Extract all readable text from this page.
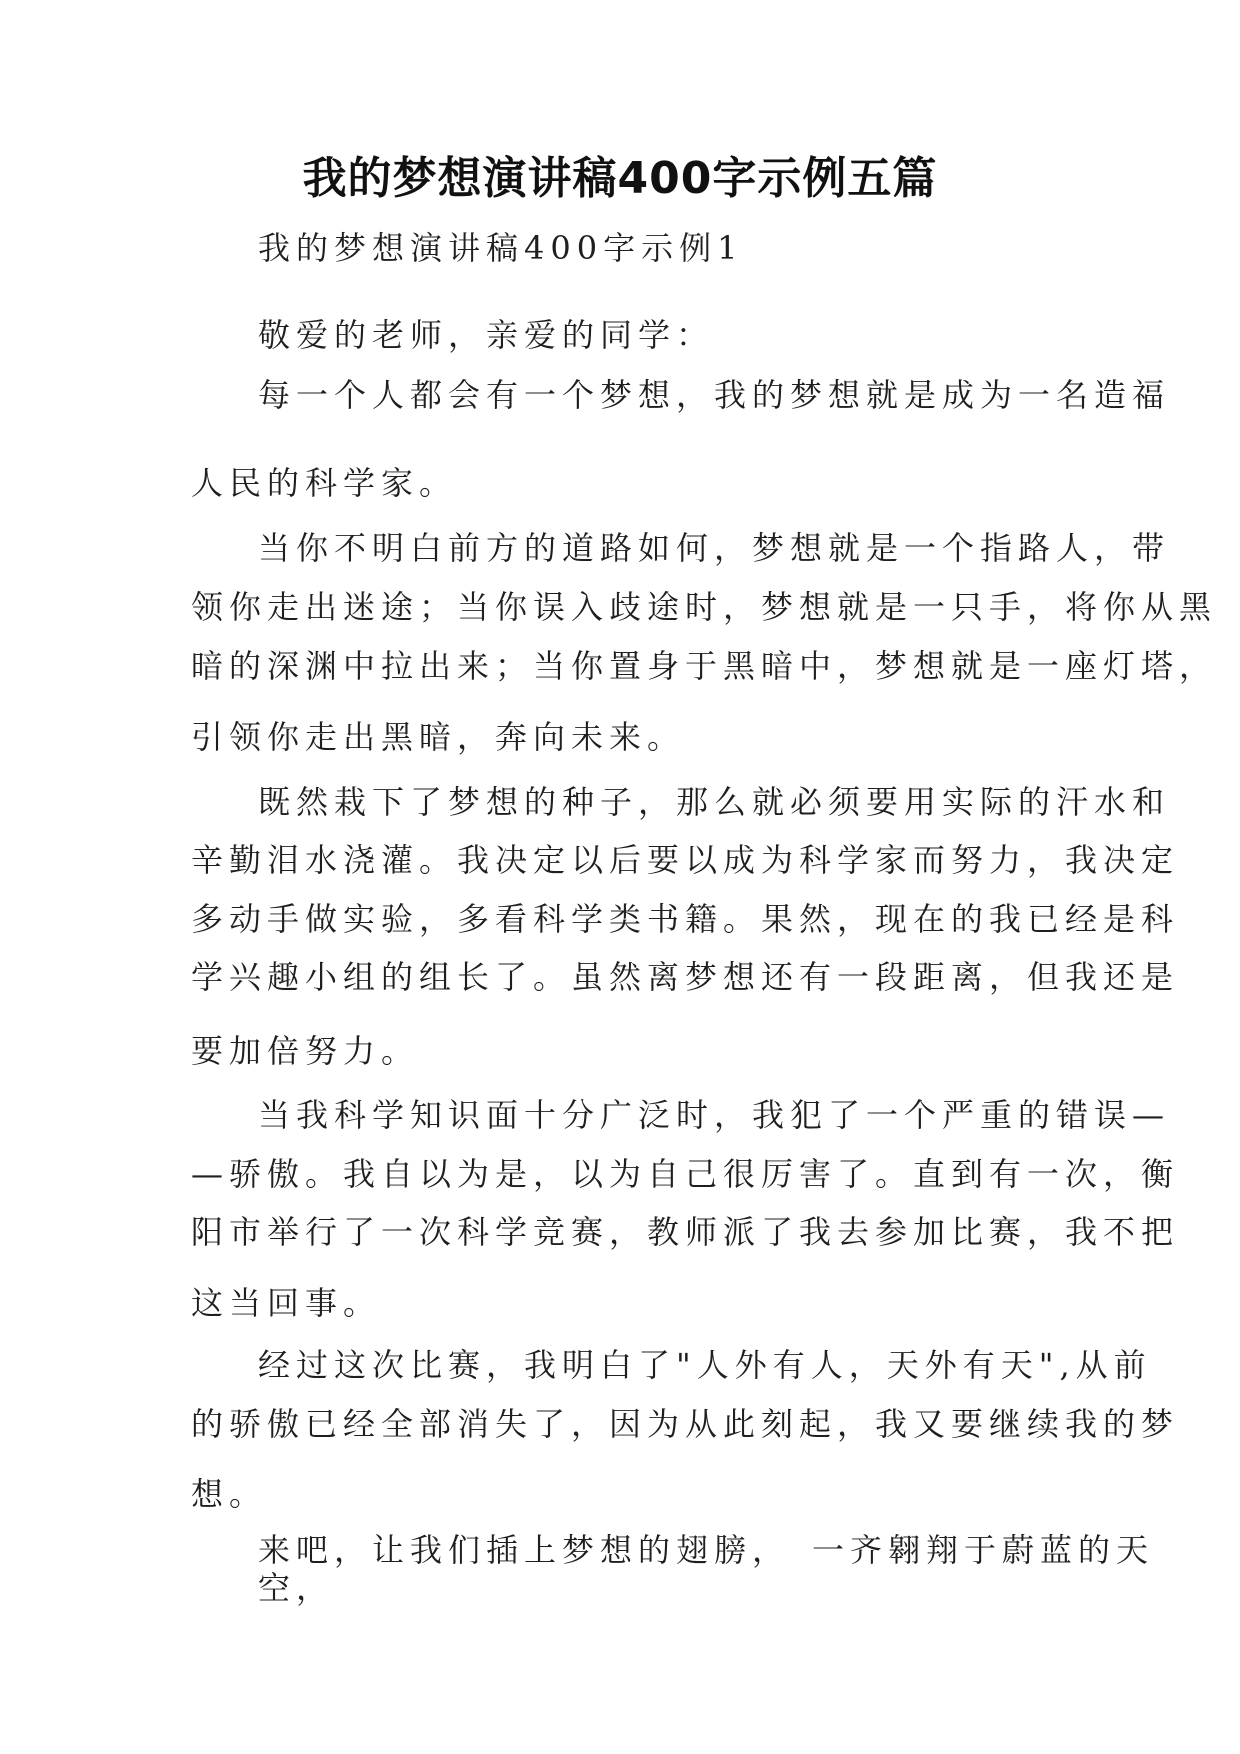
我的梦想演讲稿400字示例五篇
我的梦想演讲稿400字示例1
敬爱的老师，亲爱的同学：
每一个人都会有一个梦想，我的梦想就是成为一名造福
人民的科学家。
当你不明白前方的道路如何，梦想就是一个指路人，带
领你走出迷途；当你误入歧途时，梦想就是一只手，将你从黑
暗的深渊中拉出来；当你置身于黑暗中，梦想就是一座灯塔，
引领你走出黑暗，奔向未来。
既然栽下了梦想的种子，那么就必须要用实际的汗水和
辛勤泪水浇灌。我决定以后要以成为科学家而努力，我决定
多动手做实验，多看科学类书籍。果然，现在的我已经是科
学兴趣小组的组长了。虽然离梦想还有一段距离，但我还是
要加倍努力。
当我科学知识面十分广泛时，我犯了一个严重的错误—
—骄傲。我自以为是，以为自己很厉害了。直到有一次，衡
阳市举行了一次科学竞赛，教师派了我去参加比赛，我不把
这当回事。
经过这次比赛，我明白了"人外有人，天外有天",从前
的骄傲已经全部消失了，因为从此刻起，我又要继续我的梦
想。
来吧，让我们插上梦想的翅膀，　一齐翱翔于蔚蓝的天
空，
